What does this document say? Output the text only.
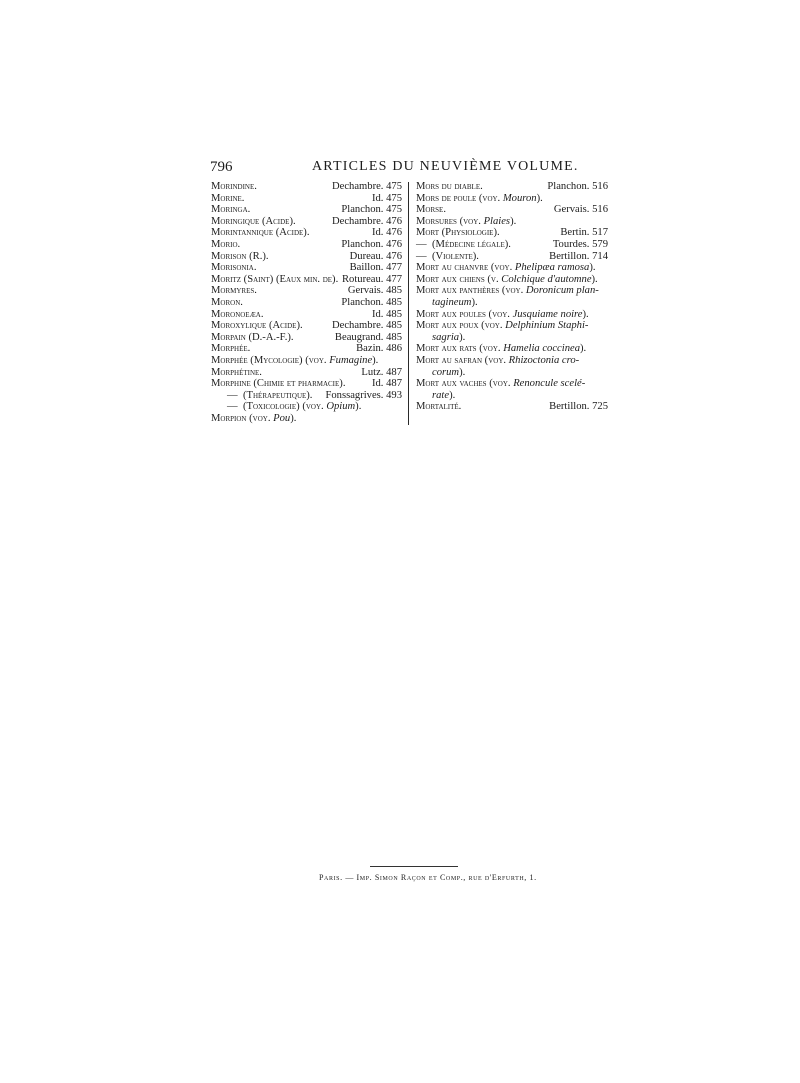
796	ARTICLES DU NEUVIÈME VOLUME.
Morindine.	Dechambre. 475
Morine.	Id. 475
Moringa.	Planchon. 475
Moringique (Acide).	Dechambre. 476
Morintannique (Acide).	Id. 476
Morio.	Planchon. 476
Morison (R.).	Dureau. 476
Morisonia.	Baillon. 477
Moritz (Saint) (Eaux min. de). Rotureau. 477
Mormyres.	Gervais. 485
Moron.	Planchon. 485
Moronoeæa.	Id. 485
Moroxylique (Acide).	Dechambre. 485
Morpain (D.-A.-F.).	Beaugrand. 485
Morphée.	Bazin. 486
Morphée (Mycologie) (voy. Fumagine).
Morphétine.	Lutz. 487
Morphine (Chimie et pharmacie).	Id. 487
— (Thérapeutique). Fonssagrives. 493
— (Toxicologie) (voy. Opium).
Morpion (voy. Pou).
Mors du diable.	Planchon. 516
Mors de poule (voy. Mouron).
Morse.	Gervais. 516
Morsures (voy. Plaies).
Mort (Physiologie).	Bertin. 517
— (Médecine légale).	Tourdes. 579
— (Violente).	Bertillon. 714
Mort au chanvre (voy. Phelipæa ramosa).
Mort aux chiens (v. Colchique d'automne).
Mort aux panthères (voy. Doronicum plan-
tagineum).
Mort aux poules (voy. Jusquiame noire).
Mort aux poux (voy. Delphinium Staphi-
sagria).
Mort aux rats (voy. Hamelia coccinea).
Mort au safran (voy. Rhizoctonia cro-
corum).
Mort aux vaches (voy. Renoncule scelé-
rate).
Mortalité.	Bertillon. 725
Paris. — Imp. Simon Raçon et Comp., rue d'Erfurth, 1.
